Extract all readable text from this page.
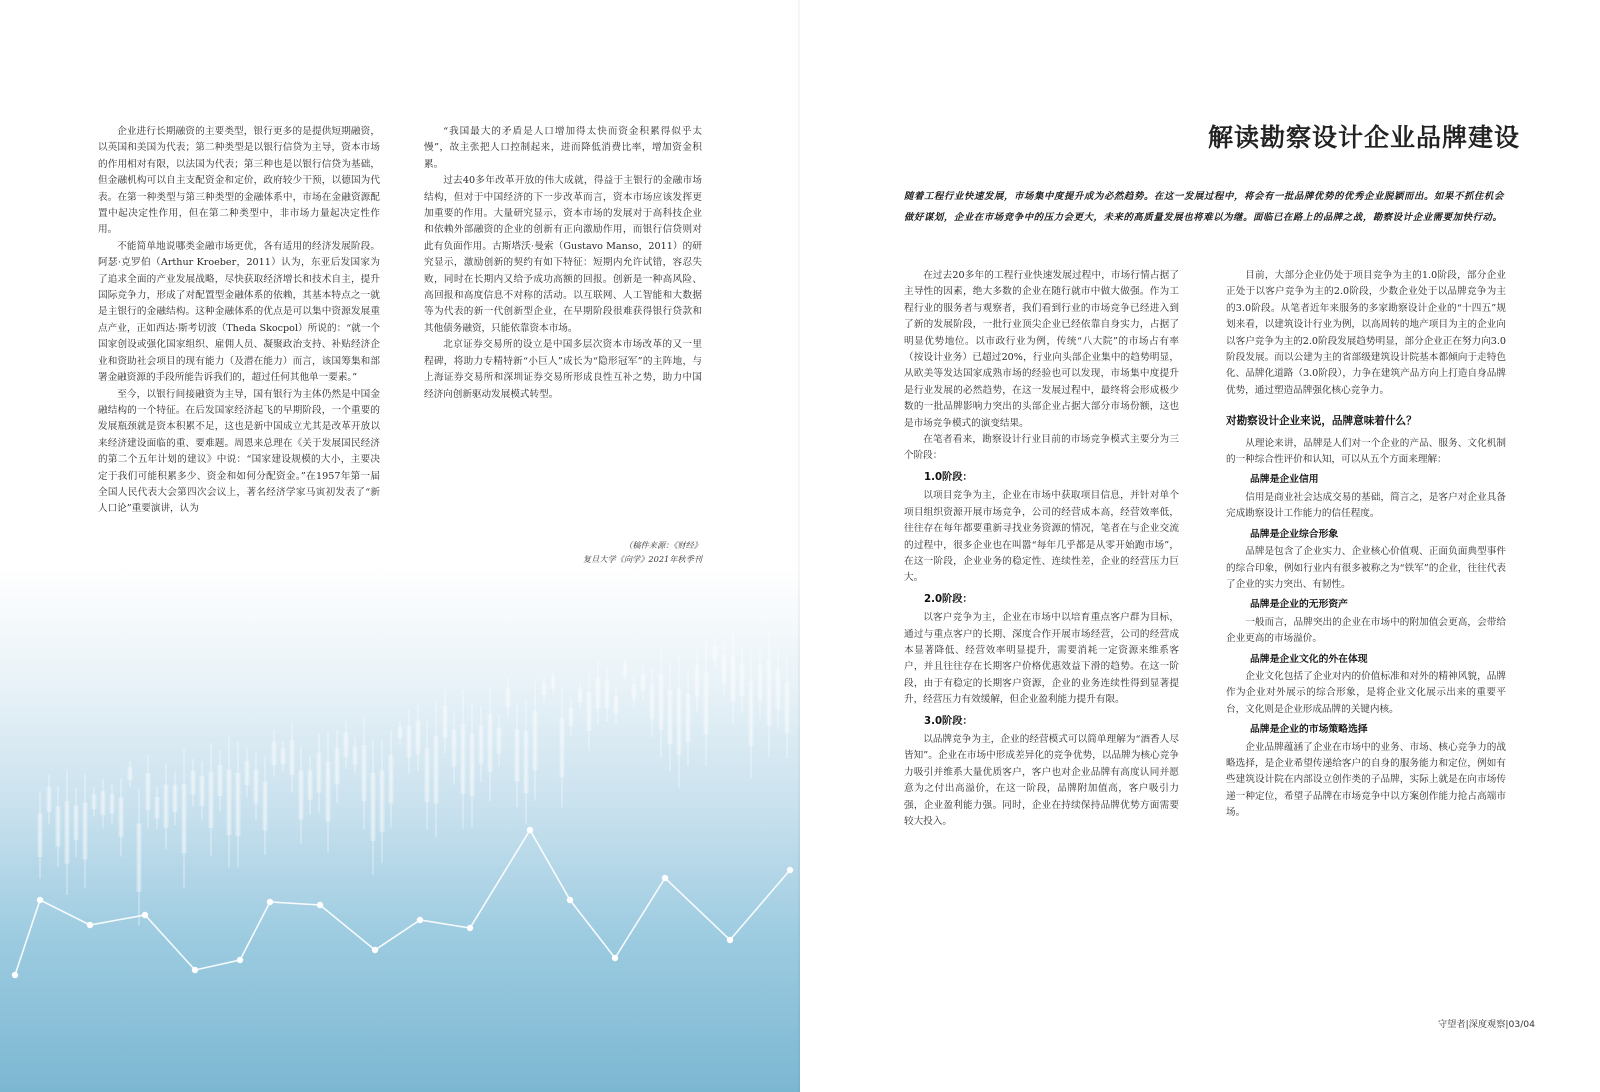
企业进行长期融资的主要类型，银行更多的是提供短期融资，以英国和美国为代表；第二种类型是以银行信贷为主导，资本市场的作用相对有限，以法国为代表；第三种也是以银行信贷为基础，但金融机构可以自主支配资金和定价，政府较少干预，以德国为代表。在第一种类型与第三种类型的金融体系中，市场在金融资源配置中起决定性作用，但在第二种类型中，非市场力量起决定性作用。

不能简单地说哪类金融市场更优，各有适用的经济发展阶段。阿瑟·克罗伯（Arthur Kroeber，2011）认为，东亚后发国家为了追求全面的产业发展战略，尽快获取经济增长和技术自主，提升国际竞争力，形成了对配置型金融体系的依赖，其基本特点之一就是主银行的金融结构。这种金融体系的优点是可以集中资源发展重点产业，正如西达·斯考切波（Theda Skocpol）所说的：“就一个国家创设或强化国家组织、雇佣人员、凝聚政治支持、补贴经济企业和资助社会项目的现有能力（及潜在能力）而言，该国筹集和部署金融资源的手段所能告诉我们的，超过任何其他单一要素。”

至今，以银行间接融资为主导，国有银行为主体仍然是中国金融结构的一个特征。在后发国家经济起飞的早期阶段，一个重要的发展瓶颈就是资本积累不足，这也是新中国成立尤其是改革开放以来经济建设面临的重、要难题。周恩来总理在《关于发展国民经济的第二个五年计划的建议》中说：“国家建设规模的大小，主要决定于我们可能积累多少、资金和如何分配资金。”在1957年第一届全国人民代表大会第四次会议上，著名经济学家马寅初发表了“新人口论”重要演讲，认为

“我国最大的矛盾是人口增加得太快而资金积累得似乎太慢”，故主张把人口控制起来，进而降低消费比率，增加资金积累。

过去40多年改革开放的伟大成就，得益于主银行的金融市场结构，但对于中国经济的下一步改革而言，资本市场应该发挥更加重要的作用。大量研究显示，资本市场的发展对于高科技企业和依赖外部融资的企业的创新有正向激励作用，而银行信贷则对此有负面作用。古斯塔沃·曼索（Gustavo Manso，2011）的研究显示，激励创新的契约有如下特征：短期内允许试错，容忍失败，同时在长期内又给予成功高额的回报。创新是一种高风险、高回报和高度信息不对称的活动。以互联网、人工智能和大数据等为代表的新一代创新型企业，在早期阶段很难获得银行贷款和其他债务融资，只能依靠资本市场。

北京证券交易所的设立是中国多层次资本市场改革的又一里程碑，将助力专精特新“小巨人”成长为“隐形冠军”的主阵地，与上海证券交易所和深圳证券交易所形成良性互补之势，助力中国经济向创新驱动发展模式转型。

（稿件来源：《财经》
复旦大学《向学》2021年秋季刊
解读勘察设计企业品牌建设

随着工程行业快速发展，市场集中度提升成为必然趋势。在这一发展过程中，将会有一批品牌优势的优秀企业脱颖而出。如果不抓住机会做好谋划，企业在市场竞争中的压力会更大，未来的高质量发展也将难以为继。面临已在路上的品牌之战，勘察设计企业需要加快行动。

在过去20多年的工程行业快速发展过程中，市场行情占据了主导性的因素，绝大多数的企业在随行就市中做大做强。作为工程行业的服务者与观察者，我们看到行业的市场竞争已经进入到了新的发展阶段，一批行业顶尖企业已经依靠自身实力，占据了明显优势地位。以市政行业为例，传统“八大院”的市场占有率（按设计业务）已超过20%，行业向头部企业集中的趋势明显，从欧美等发达国家成熟市场的经验也可以发现，市场集中度提升是行业发展的必然趋势，在这一发展过程中，最终将会形成极少数的一批品牌影响力突出的头部企业占据大部分市场份额，这也是市场竞争模式的演变结果。

在笔者看来，勘察设计行业目前的市场竞争模式主要分为三个阶段：

1.0阶段：

以项目竞争为主，企业在市场中获取项目信息，并针对单个项目组织资源开展市场竞争，公司的经营成本高，经营效率低，往往存在每年都要重新寻找业务资源的情况，笔者在与企业交流的过程中，很多企业也在叫嚣“每年几乎都是从零开始跑市场”，在这一阶段，企业业务的稳定性、连续性差，企业的经营压力巨大。

2.0阶段：

以客户竞争为主，企业在市场中以培育重点客户群为目标，通过与重点客户的长期、深度合作开展市场经营，公司的经营成本显著降低、经营效率明显提升，需要消耗一定资源来维系客户，并且往往存在长期客户价格优惠效益下滑的趋势。在这一阶段，由于有稳定的长期客户资源，企业的业务连续性得到显著提升，经营压力有效缓解，但企业盈利能力提升有限。

3.0阶段：

以品牌竞争为主，企业的经营模式可以简单理解为“酒香人尽皆知”。企业在市场中形成差异化的竞争优势，以品牌为核心竞争力吸引并维系大量优质客户，客户也对企业品牌有高度认同并愿意为之付出高溢价，在这一阶段，品牌附加值高，客户吸引力强，企业盈利能力强。同时，企业在持续保持品牌优势方面需要较大投入。

目前，大部分企业仍处于项目竞争为主的1.0阶段，部分企业正处于以客户竞争为主的2.0阶段，少数企业处于以品牌竞争为主的3.0阶段。从笔者近年来服务的多家勘察设计企业的“十四五”规划来看，以建筑设计行业为例，以高周转的地产项目为主的企业向以客户竞争为主的2.0阶段发展趋势明显，部分企业正在努力向3.0阶段发展。而以公建为主的省部级建筑设计院基本都倾向于走特色化、品牌化道路（3.0阶段），力争在建筑产品方向上打造自身品牌优势，通过塑造品牌强化核心竞争力。

对勘察设计企业来说，品牌意味着什么？

从理论来讲，品牌是人们对一个企业的产品、服务、文化机制的一种综合性评价和认知，可以从五个方面来理解：

品牌是企业信用

信用是商业社会达成交易的基础，简言之，是客户对企业具备完成勘察设计工作能力的信任程度。

品牌是企业综合形象

品牌是包含了企业实力、企业核心价值观、正面负面典型事件的综合印象，例如行业内有很多被称之为“铁军”的企业，往往代表了企业的实力突出、有韧性。

品牌是企业的无形资产

一般而言，品牌突出的企业在市场中的附加值会更高，会带给企业更高的市场溢价。

品牌是企业文化的外在体现

企业文化包括了企业对内的价值标准和对外的精神风貌，品牌作为企业对外展示的综合形象，是将企业文化展示出来的重要平台，文化则是企业形成品牌的关键内核。

品牌是企业的市场策略选择

企业品牌蕴涵了企业在市场中的业务、市场、核心竞争力的战略选择，是企业希望传递给客户的自身的服务能力和定位，例如有些建筑设计院在内部设立创作类的子品牌，实际上就是在向市场传递一种定位，希望子品牌在市场竞争中以方案创作能力抢占高端市场。

守望者|深度观察|03/04
